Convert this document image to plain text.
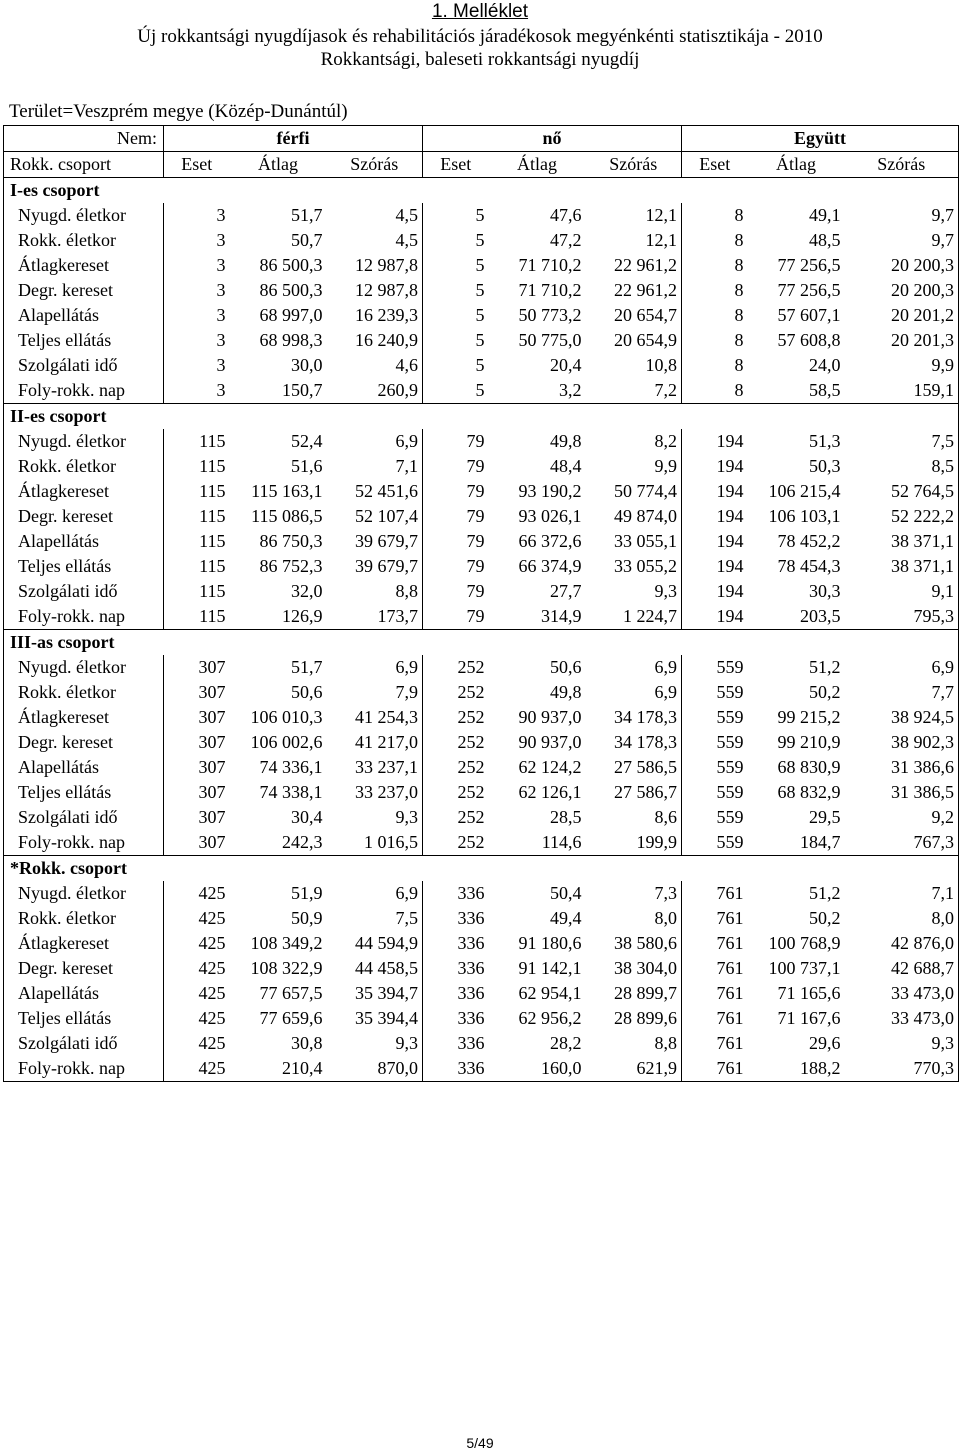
1. Melléklet

Új rokkantsági nyugdíjasok és rehabilitációs járadékosok megyénkénti statisztikája - 2010

Rokkantsági, baleseti rokkantsági nyugdíj

Terület=Veszprém megye (Közép-Dunántúl)

Nem:	férfi			nő			Együtt		
Rokk. csoport	Eset	Átlag	Szórás	Eset	Átlag	Szórás	Eset	Átlag	Szórás
I-es csoport									
Nyugd. életkor	3	51,7	4,5	5	47,6	12,1	8	49,1	9,7
Rokk. életkor	3	50,7	4,5	5	47,2	12,1	8	48,5	9,7
Átlagkereset	3	86 500,3	12 987,8	5	71 710,2	22 961,2	8	77 256,5	20 200,3
Degr. kereset	3	86 500,3	12 987,8	5	71 710,2	22 961,2	8	77 256,5	20 200,3
Alapellátás	3	68 997,0	16 239,3	5	50 773,2	20 654,7	8	57 607,1	20 201,2
Teljes ellátás	3	68 998,3	16 240,9	5	50 775,0	20 654,9	8	57 608,8	20 201,3
Szolgálati idő	3	30,0	4,6	5	20,4	10,8	8	24,0	9,9
Foly-rokk. nap	3	150,7	260,9	5	3,2	7,2	8	58,5	159,1
II-es csoport									
Nyugd. életkor	115	52,4	6,9	79	49,8	8,2	194	51,3	7,5
Rokk. életkor	115	51,6	7,1	79	48,4	9,9	194	50,3	8,5
Átlagkereset	115	115 163,1	52 451,6	79	93 190,2	50 774,4	194	106 215,4	52 764,5
Degr. kereset	115	115 086,5	52 107,4	79	93 026,1	49 874,0	194	106 103,1	52 222,2
Alapellátás	115	86 750,3	39 679,7	79	66 372,6	33 055,1	194	78 452,2	38 371,1
Teljes ellátás	115	86 752,3	39 679,7	79	66 374,9	33 055,2	194	78 454,3	38 371,1
Szolgálati idő	115	32,0	8,8	79	27,7	9,3	194	30,3	9,1
Foly-rokk. nap	115	126,9	173,7	79	314,9	1 224,7	194	203,5	795,3
III-as csoport									
Nyugd. életkor	307	51,7	6,9	252	50,6	6,9	559	51,2	6,9
Rokk. életkor	307	50,6	7,9	252	49,8	6,9	559	50,2	7,7
Átlagkereset	307	106 010,3	41 254,3	252	90 937,0	34 178,3	559	99 215,2	38 924,5
Degr. kereset	307	106 002,6	41 217,0	252	90 937,0	34 178,3	559	99 210,9	38 902,3
Alapellátás	307	74 336,1	33 237,1	252	62 124,2	27 586,5	559	68 830,9	31 386,6
Teljes ellátás	307	74 338,1	33 237,0	252	62 126,1	27 586,7	559	68 832,9	31 386,5
Szolgálati idő	307	30,4	9,3	252	28,5	8,6	559	29,5	9,2
Foly-rokk. nap	307	242,3	1 016,5	252	114,6	199,9	559	184,7	767,3
*Rokk. csoport									
Nyugd. életkor	425	51,9	6,9	336	50,4	7,3	761	51,2	7,1
Rokk. életkor	425	50,9	7,5	336	49,4	8,0	761	50,2	8,0
Átlagkereset	425	108 349,2	44 594,9	336	91 180,6	38 580,6	761	100 768,9	42 876,0
Degr. kereset	425	108 322,9	44 458,5	336	91 142,1	38 304,0	761	100 737,1	42 688,7
Alapellátás	425	77 657,5	35 394,7	336	62 954,1	28 899,7	761	71 165,6	33 473,0
Teljes ellátás	425	77 659,6	35 394,4	336	62 956,2	28 899,6	761	71 167,6	33 473,0
Szolgálati idő	425	30,8	9,3	336	28,2	8,8	761	29,6	9,3
Foly-rokk. nap	425	210,4	870,0	336	160,0	621,9	761	188,2	770,3

5/49
